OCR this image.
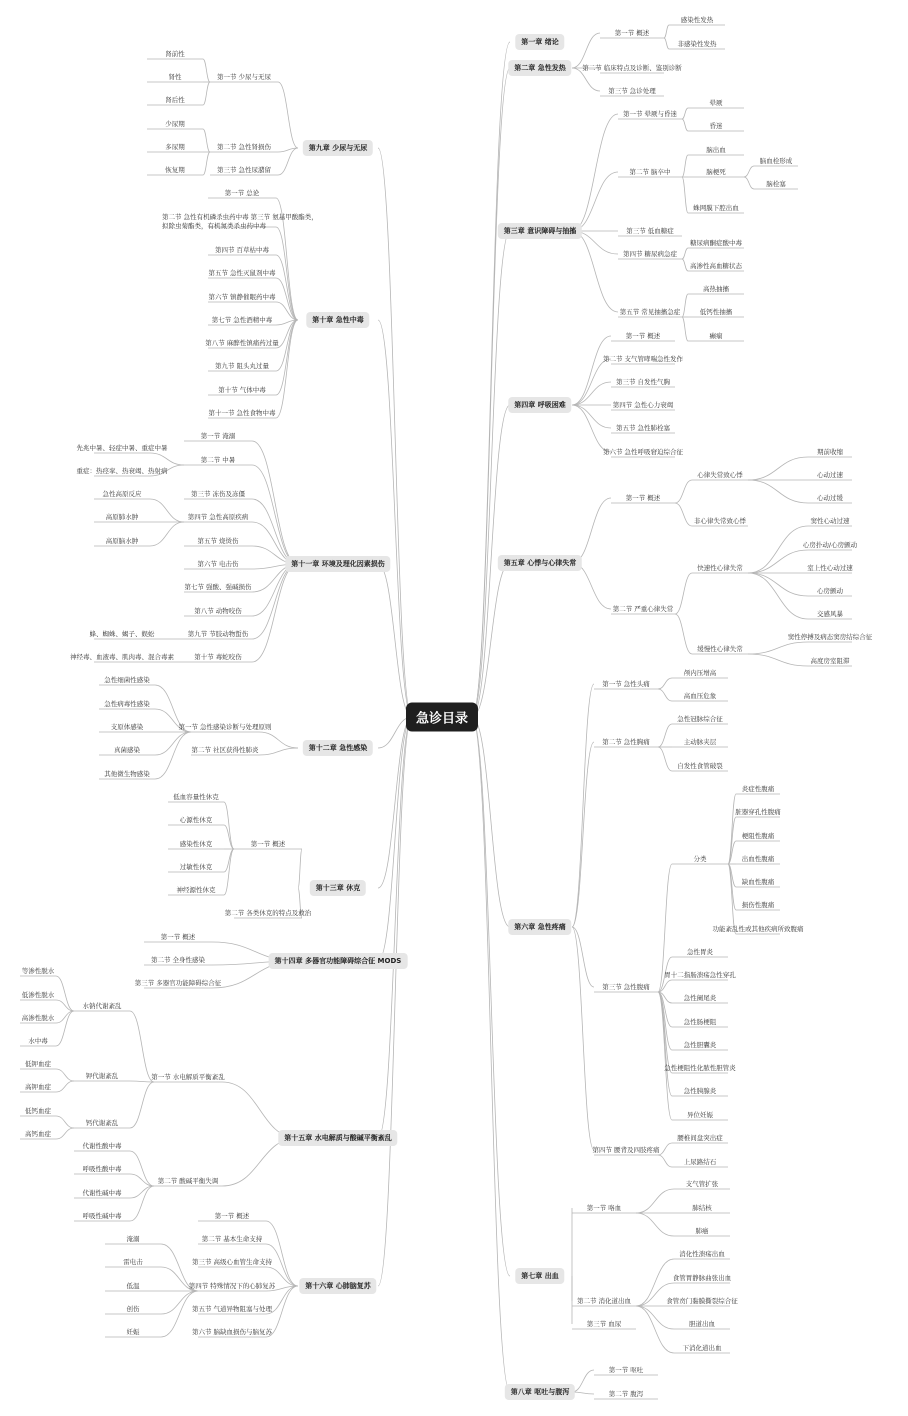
急诊目录
第一章 绪论
第二章 急性发热
第一节 概述
感染性发热
非感染性发热
第二节 临床特点及诊断、鉴别诊断
第三节 急诊处理
第三章 意识障碍与抽搐
第一节 晕厥与昏迷
晕厥
昏迷
第二节 脑卒中
脑出血
脑梗死
脑血栓形成
脑栓塞
蛛网膜下腔出血
第三节 低血糖症
第四节 糖尿病急症
糖尿病酮症酸中毒
高渗性高血糖状态
第五节 常见抽搐急症
高热抽搐
低钙性抽搐
癫痫
第四章 呼吸困难
第一节 概述
第二节 支气管哮喘急性发作
第三节 自发性气胸
第四节 急性心力衰竭
第五节 急性肺栓塞
第六节 急性呼吸窘迫综合征
第五章 心悸与心律失常
第一节 概述
心律失常致心悸
期前收缩
心动过速
心动过缓
非心律失常致心悸
第二节 严重心律失常
快速性心律失常
窦性心动过速
心房扑动/心房颤动
室上性心动过速
心房颤动
交感风暴
缓慢性心律失常
窦性停搏及病态窦房结综合征
高度房室阻滞
第六章 急性疼痛
第一节 急性头痛
颅内压增高
高血压危象
第二节 急性胸痛
急性冠脉综合征
主动脉夹层
自发性食管破裂
第三节 急性腹痛
分类
炎症性腹痛
脏器穿孔性腹痛
梗阻性腹痛
出血性腹痛
缺血性腹痛
损伤性腹痛
功能紊乱性或其他疾病所致腹痛
急性胃炎
胃十二指肠溃疡急性穿孔
急性阑尾炎
急性肠梗阻
急性胆囊炎
急性梗阻性化脓性胆管炎
急性胰腺炎
异位妊娠
第四节 腰背及四肢疼痛
腰椎间盘突出症
上尿路结石
第七章 出血
第一节 咯血
支气管扩张
肺结核
肺癌
第二节 消化道出血
消化性溃疡出血
食管胃静脉曲张出血
食管贲门黏膜撕裂综合征
胆道出血
下消化道出血
第三节 血尿
第八章 呕吐与腹泻
第一节 呕吐
第二节 腹泻
第九章 少尿与无尿
第一节 少尿与无尿
肾前性
肾性
肾后性
第二节 急性肾损伤
少尿期
多尿期
恢复期	第三节 急性尿潴留
第十章 急性中毒
第一节 总论
第二节 急性有机磷杀虫药中毒 第三节 氨基甲酸酯类，拟除虫菊酯类，有机氮类杀虫药中毒
第四节 百草枯中毒
第五节 急性灭鼠剂中毒
第六节 镇静催眠药中毒
第七节 急性酒精中毒
第八节 麻醉性镇痛药过量
第九节 阻头丸过量
第十节 气体中毒
第十一节 急性食物中毒
第十一章 环境及理化因素损伤
第一节 淹溺
第二节 中暑
先兆中暑、轻症中暑、重症中暑
重症：热痉挛、热衰竭、热射病
第三节 冻伤及冻僵
第四节 急性高原疾病
急性高原反应
高原肺水肿
高原脑水肿	第五节 烧烫伤
第六节 电击伤
第七节 强酸、强碱损伤
第八节 动物咬伤
第九节 节肢动物蜇伤
蜂、蜘蛛、蝎子、蜈蚣
第十节 毒蛇咬伤
神经毒、血液毒、肌肉毒、混合毒素
第十二章 急性感染
第一节 急性感染诊断与处理原则
急性细菌性感染
急性病毒性感染
支原体感染
真菌感染
其他微生物感染
第二节 社区获得性肺炎
第十三章 休克
第一节 概述
低血容量性休克
心源性休克
感染性休克
过敏性休克
神经源性休克
第二节 各类休克的特点及救治
第十四章 多器官功能障碍综合征 MODS
第一节 概述
第二节 全身性感染
第三节 多器官功能障碍综合征
第十五章 水电解质与酸碱平衡紊乱
第一节 水电解质平衡紊乱
水钠代谢紊乱
等渗性脱水
低渗性脱水
高渗性脱水
水中毒
钾代谢紊乱
低钾血症
高钾血症
钙代谢紊乱
低钙血症
高钙血症
第二节 酸碱平衡失调
代谢性酸中毒
呼吸性酸中毒
代谢性碱中毒
呼吸性碱中毒
第十六章 心肺脑复苏
第一节 概述
第二节 基本生命支持
第三节 高级心血管生命支持
第四节 特殊情况下的心肺复苏
淹溺
雷电击
低温
创伤
妊娠
第五节 气道异物阻塞与处理
第六节 脑缺血损伤与脑复苏
